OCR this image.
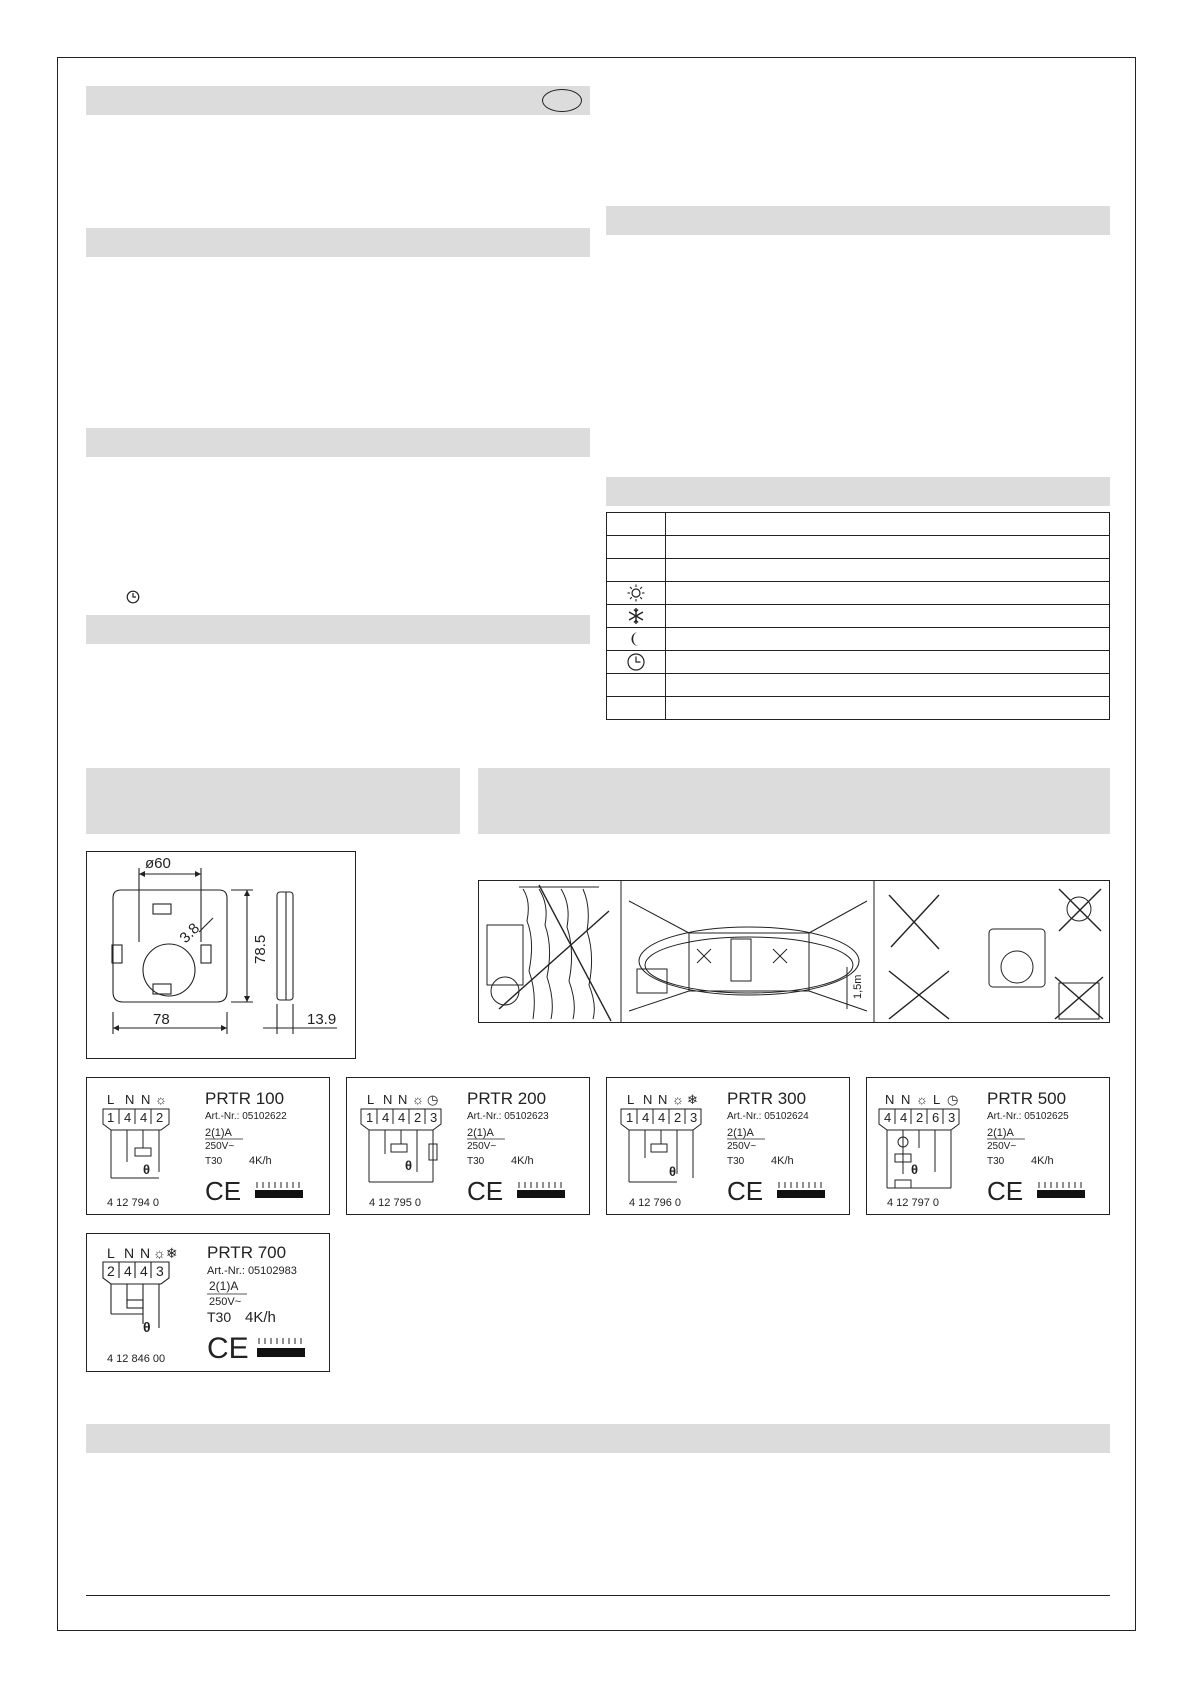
ø60
3.8
78.5
78	13.9
1,5m
L N N ☼
1 4 4 2
θ
PRTR 100
Art.-Nr.: 05102622
2(1)A
250V~
T30 4K/h
4 12 794 0 CE
L N N ☼ ◷
1 4 4 2 3
θ
PRTR 200
Art.-Nr.: 05102623
2(1)A
250V~
T30 4K/h
4 12 795 0 CE
L N N ☼ ❄
1 4 4 2 3
θ
PRTR 300
Art.-Nr.: 05102624
2(1)A
250V~
T30 4K/h
4 12 796 0 CE
N N ☼ L ◷
4 4 2 6 3
θ
PRTR 500
Art.-Nr.: 05102625
2(1)A
250V~
T30 4K/h
4 12 797 0 CE
L N N ☼❄
2 4 4 3
θ
PRTR 700
Art.-Nr.: 05102983
2(1)A
250V~
T30 4K/h
4 12 846 00 CE
